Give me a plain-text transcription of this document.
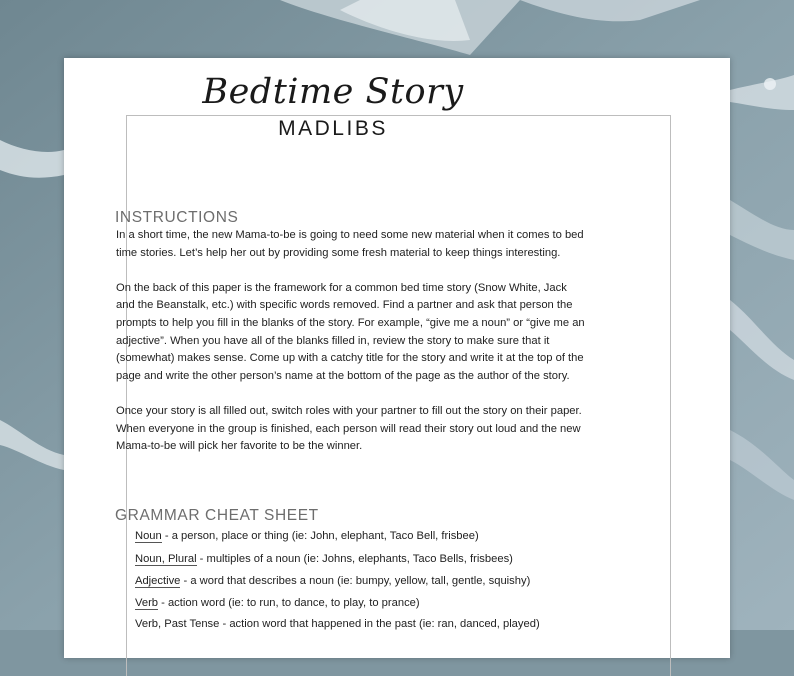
Bedtime Story
MADLIBS
INSTRUCTIONS

In a short time, the new Mama-to-be is going to need some new material when it comes to bed time stories. Let’s help her out by providing some fresh material to keep things interesting.

On the back of this paper is the framework for a common bed time story (Snow White, Jack and the Beanstalk, etc.) with specific words removed. Find a partner and ask that person the prompts to help you fill in the blanks of the story. For example, “give me a noun” or “give me an adjective”. When you have all of the blanks filled in, review the story to make sure that it (somewhat) makes sense. Come up with a catchy title for the story and write it at the top of the page and write the other person’s name at the bottom of the page as the author of the story.

Once your story is all filled out, switch roles with your partner to fill out the story on their paper. When everyone in the group is finished, each person will read their story out loud and the new Mama-to-be will pick her favorite to be the winner.

GRAMMAR CHEAT SHEET
Noun - a person, place or thing (ie: John, elephant, Taco Bell, frisbee)
Noun, Plural - multiples of a noun (ie: Johns, elephants, Taco Bells, frisbees)
Adjective - a word that describes a noun (ie: bumpy, yellow, tall, gentle, squishy)
Verb - action word (ie: to run, to dance, to play, to prance)
Verb, Past Tense - action word that happened in the past (ie: ran, danced, played)
